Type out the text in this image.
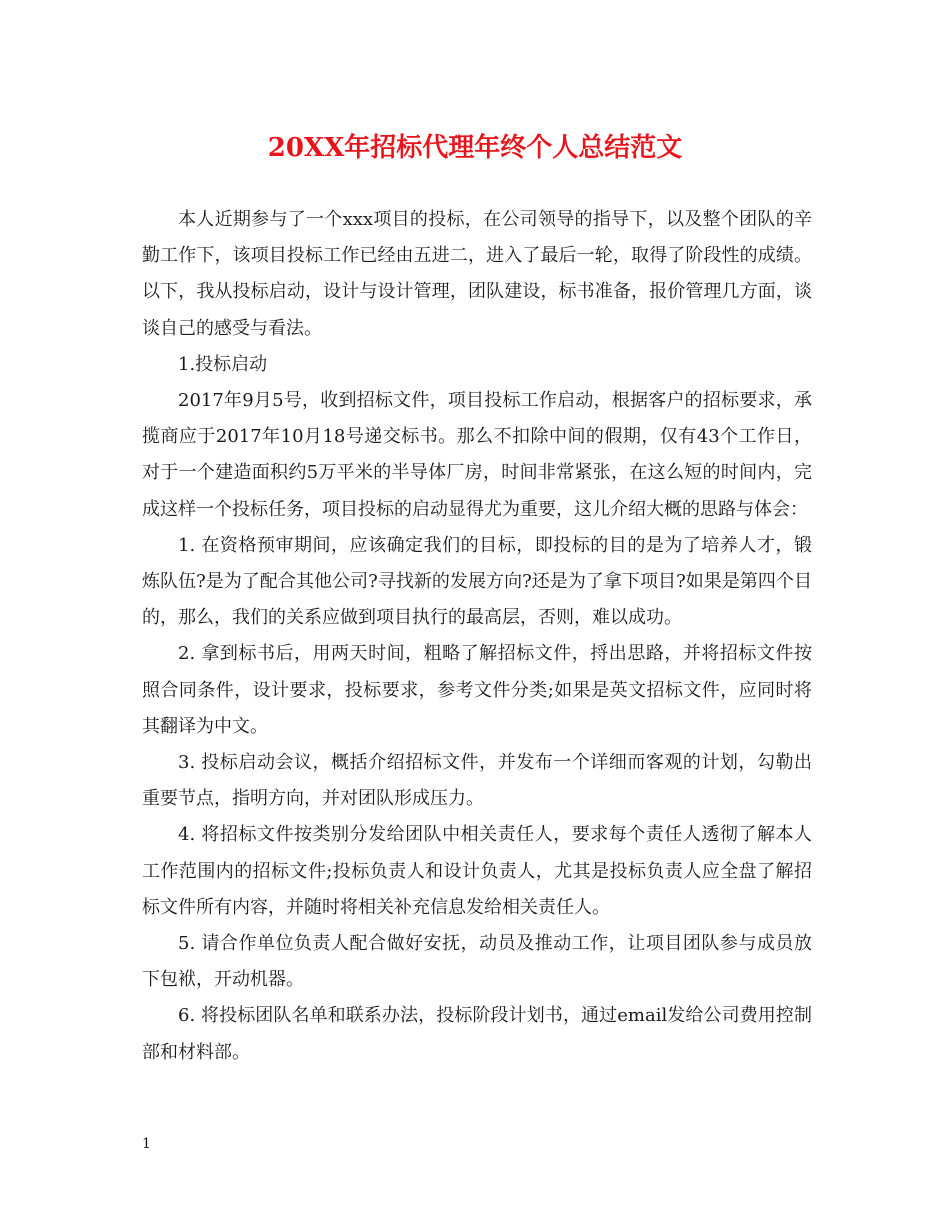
20XX年招标代理年终个人总结范文

本人近期参与了一个xxx项目的投标，在公司领导的指导下，以及整个团队的辛勤工作下，该项目投标工作已经由五进二，进入了最后一轮，取得了阶段性的成绩。以下，我从投标启动，设计与设计管理，团队建设，标书准备，报价管理几方面，谈谈自己的感受与看法。

1.投标启动

2017年9月5号，收到招标文件，项目投标工作启动，根据客户的招标要求，承揽商应于2017年10月18号递交标书。那么不扣除中间的假期，仅有43个工作日，对于一个建造面积约5万平米的半导体厂房，时间非常紧张，在这么短的时间内，完成这样一个投标任务，项目投标的启动显得尤为重要，这儿介绍大概的思路与体会：

1. 在资格预审期间，应该确定我们的目标，即投标的目的是为了培养人才，锻炼队伍?是为了配合其他公司?寻找新的发展方向?还是为了拿下项目?如果是第四个目的，那么，我们的关系应做到项目执行的最高层，否则，难以成功。

2. 拿到标书后，用两天时间，粗略了解招标文件，捋出思路，并将招标文件按照合同条件，设计要求，投标要求，参考文件分类;如果是英文招标文件，应同时将其翻译为中文。

3. 投标启动会议，概括介绍招标文件，并发布一个详细而客观的计划，勾勒出重要节点，指明方向，并对团队形成压力。

4. 将招标文件按类别分发给团队中相关责任人，要求每个责任人透彻了解本人工作范围内的招标文件;投标负责人和设计负责人，尤其是投标负责人应全盘了解招标文件所有内容，并随时将相关补充信息发给相关责任人。

5. 请合作单位负责人配合做好安抚，动员及推动工作，让项目团队参与成员放下包袱，开动机器。

6. 将投标团队名单和联系办法，投标阶段计划书，通过email发给公司费用控制部和材料部。

1
